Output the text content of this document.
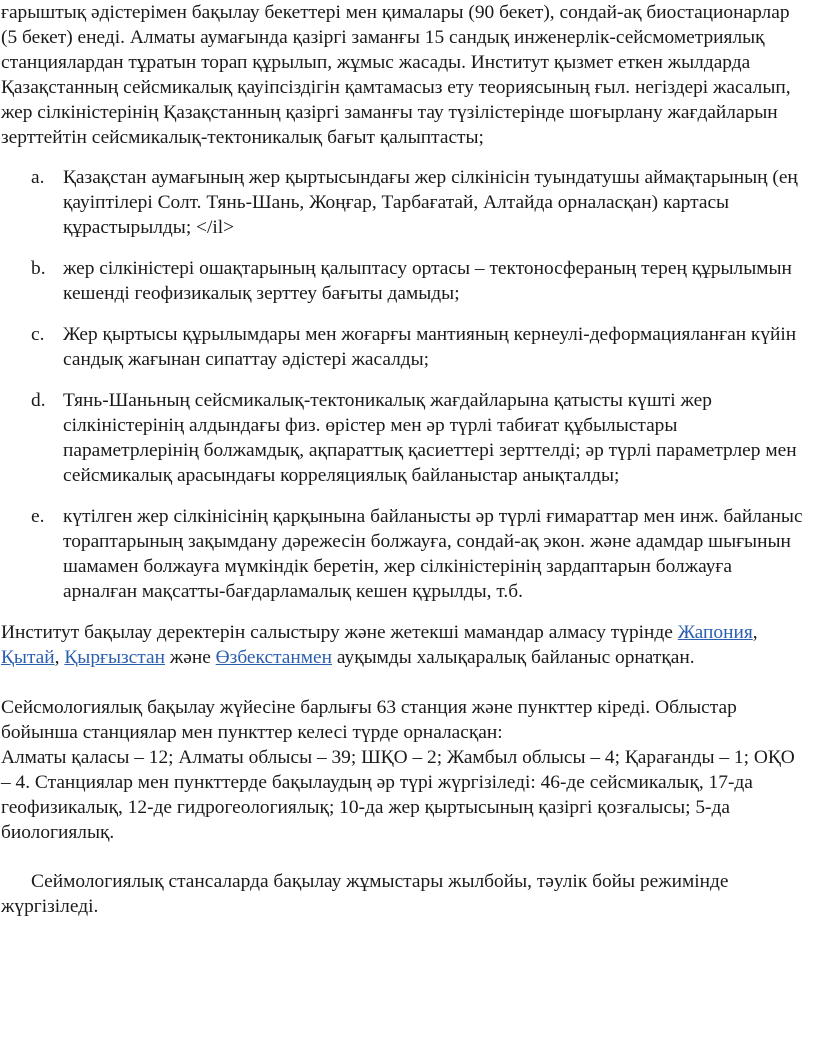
ғарыштық әдістерімен бақылау бекеттері мен қималары (90 бекет), сондай-ақ биостационарлар (5 бекет) енеді. Алматы аумағында қазіргі заманғы 15 сандық инженерлік-сейсмометриялық станциялардан тұратын торап құрылып, жұмыс жасады. Институт қызмет еткен жылдарда Қазақстанның сейсмикалық қауіпсіздігін қамтамасыз ету теориясының ғыл. негіздері жасалып, жер сілкіністерінің Қазақстанның қазіргі заманғы тау түзілістерінде шоғырлану жағдайларын зерттейтін сейсмикалық-тектоникалық бағыт қалыптасты;

a. Қазақстан аумағының жер қыртысындағы жер сілкінісін туындатушы аймақтарының (ең қауіптілері Солт. Тянь-Шань, Жоңғар, Тарбағатай, Алтайда орналасқан) картасы құрастырылды; </il>
b. жер сілкіністері ошақтарының қалыптасу ортасы – тектоносфераның терең құрылымын кешенді геофизикалық зерттеу бағыты дамыды;
c. Жер қыртысы құрылымдары мен жоғарғы мантияның кернеулі-деформацияланған күйін сандық жағынан сипаттау әдістері жасалды;
d. Тянь-Шаньның сейсмикалық-тектоникалық жағдайларына қатысты күшті жер сілкіністерінің алдындағы физ. өрістер мен әр түрлі табиғат құбылыстары параметрлерінің болжамдық, ақпараттық қасиеттері зерттелді; әр түрлі параметрлер мен сейсмикалық арасындағы корреляциялық байланыстар анықталды;
e. күтілген жер сілкінісінің қарқынына байланысты әр түрлі ғимараттар мен инж. байланыс тораптарының зақымдану дәрежесін болжауға, сондай-ақ экон. және адамдар шығынын шамамен болжауға мүмкіндік беретін, жер сілкіністерінің зардаптарын болжауға арналған мақсатты-бағдарламалық кешен құрылды, т.б.

Институт бақылау деректерін салыстыру және жетекші мамандар алмасу түрінде Жапония, Қытай, Қырғызстан және Өзбекстанмен ауқымды халықаралық байланыс орнатқан.

Сейсмологиялық бақылау жүйесіне барлығы 63 станция және пункттер кіреді. Облыстар бойынша станциялар мен пункттер келесі түрде орналасқан:

Алматы қаласы – 12; Алматы облысы – 39; ШҚО – 2; Жамбыл облысы – 4; Қарағанды – 1; ОҚО – 4. Станциялар мен пункттерде бақылаудың әр түрі жүргізіледі: 46-де сейсмикалық, 17-да геофизикалық, 12-де гидрогеологиялық; 10-да жер қыртысының қазіргі қозғалысы; 5-да биологиялық.

Сеймологиялық стансаларда бақылау жұмыстары жылбойы, тәулік бойы режимінде жүргізіледі.
